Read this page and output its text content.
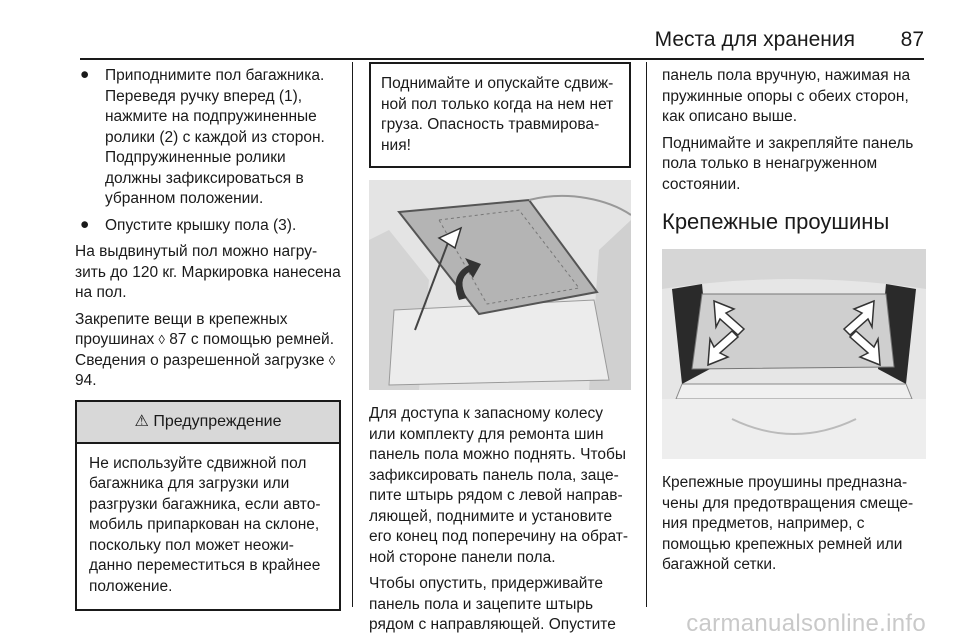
Места для хранения 87
● Приподнимите пол багажника. Переведя ручку вперед (1), нажмите на подпружиненные ролики (2) с каждой из сторон. Подпружиненные ролики должны зафиксироваться в убранном положении.
● Опустите крышку пола (3).

На выдвинутый пол можно нагрузить до 120 кг. Маркировка нанесена на пол.

Закрепите вещи в крепежных проушинах ◊ 87 с помощью ремней. Сведения о разрешенной загрузке ◊ 94.

⚠ Предупреждение
Не используйте сдвижной пол багажника для загрузки или разгрузки багажника, если автомобиль припаркован на склоне, поскольку пол может неожиданно переместиться в крайнее положение.
Поднимайте и опускайте сдвижной пол только когда на нем нет груза. Опасность травмирования!

Для доступа к запасному колесу или комплекту для ремонта шин панель пола можно поднять. Чтобы зафиксировать панель пола, зацепите штырь рядом с левой направляющей, поднимите и установите его конец под поперечину на обратной стороне панели пола.

Чтобы опустить, придерживайте панель пола и зацепите штырь рядом с направляющей. Опустите

панель пола вручную, нажимая на пружинные опоры с обеих сторон, как описано выше.

Поднимайте и закрепляйте панель пола только в ненагруженном состоянии.

Крепежные проушины

Крепежные проушины предназначены для предотвращения смещения предметов, например, с помощью крепежных ремней или багажной сетки.

carmanualsonline.info
